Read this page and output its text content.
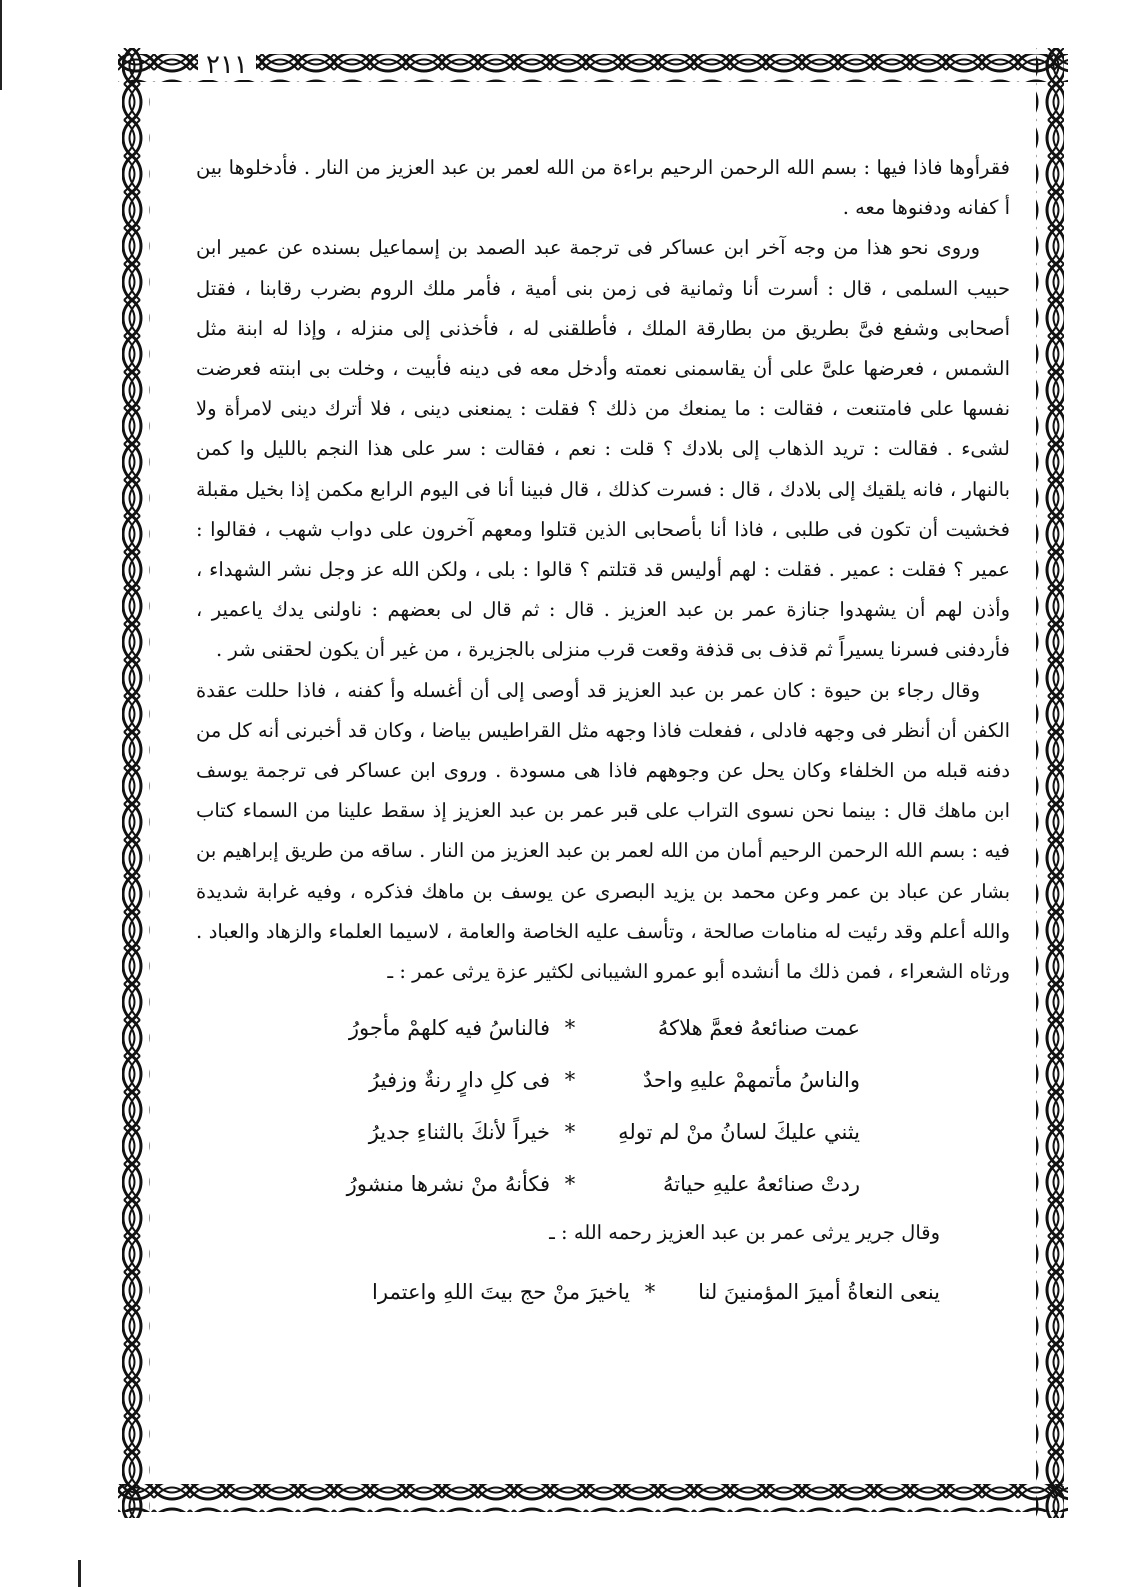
٢١١

فقرأوها فاذا فيها : بسم الله الرحمن الرحيم براءة من الله لعمر بن عبد العزيز من النار . فأدخلوها بين أ كفانه ودفنوها معه .

وروى نحو هذا من وجه آخر ابن عساكر فى ترجمة عبد الصمد بن إسماعيل بسنده عن عمير ابن حبيب السلمى ، قال : أسرت أنا وثمانية فى زمن بنى أمية ، فأمر ملك الروم بضرب رقابنا ، فقتل أصحابى وشفع فىَّ بطريق من بطارقة الملك ، فأطلقنى له ، فأخذنى إلى منزله ، وإذا له ابنة مثل الشمس ، فعرضها علىَّ على أن يقاسمنى نعمته وأدخل معه فى دينه فأبيت ، وخلت بى ابنته فعرضت نفسها على فامتنعت ، فقالت : ما يمنعك من ذلك ؟ فقلت : يمنعنى دينى ، فلا أترك دينى لامرأة ولا لشىء . فقالت : تريد الذهاب إلى بلادك ؟ قلت : نعم ، فقالت : سر على هذا النجم بالليل وا كمن بالنهار ، فانه يلقيك إلى بلادك ، قال : فسرت كذلك ، قال فبينا أنا فى اليوم الرابع مكمن إذا بخيل مقبلة فخشيت أن تكون فى طلبى ، فاذا أنا بأصحابى الذين قتلوا ومعهم آخرون على دواب شهب ، فقالوا : عمير ؟ فقلت : عمير . فقلت : لهم أوليس قد قتلتم ؟ قالوا : بلى ، ولكن الله عز وجل نشر الشهداء ، وأذن لهم أن يشهدوا جنازة عمر بن عبد العزيز . قال : ثم قال لى بعضهم : ناولنى يدك ياعمير ، فأردفنى فسرنا يسيراً ثم قذف بى قذفة وقعت قرب منزلى بالجزيرة ، من غير أن يكون لحقنى شر .

وقال رجاء بن حيوة : كان عمر بن عبد العزيز قد أوصى إلى أن أغسله وأ كفنه ، فاذا حللت عقدة الكفن أن أنظر فى وجهه فادلى ، ففعلت فاذا وجهه مثل القراطيس بياضا ، وكان قد أخبرنى أنه كل من دفنه قبله من الخلفاء وكان يحل عن وجوههم فاذا هى مسودة . وروى ابن عساكر فى ترجمة يوسف ابن ماهك قال : بينما نحن نسوى التراب على قبر عمر بن عبد العزيز إذ سقط علينا من السماء كتاب فيه : بسم الله الرحمن الرحيم أمان من الله لعمر بن عبد العزيز من النار . ساقه من طريق إبراهيم بن بشار عن عباد بن عمر وعن محمد بن يزيد البصرى عن يوسف بن ماهك فذكره ، وفيه غرابة شديدة والله أعلم وقد رئيت له منامات صالحة ، وتأسف عليه الخاصة والعامة ، لاسيما العلماء والزهاد والعباد . ورثاه الشعراء ، فمن ذلك ما أنشده أبو عمرو الشيبانى لكثير عزة يرثى عمر : ـ

عمت صنائعهُ فعمَّ هلاكهُ
*
فالناسُ فيه كلهمْ مأجورُ
والناسُ مأتمهمْ عليهِ واحدٌ
*
فى كلِ دارٍ رنةٌ وزفيرُ
يثني عليكَ لسانُ منْ لم تولهِ
*
خيراً لأنكَ بالثناءِ جديرُ
ردتْ صنائعهُ عليهِ حياتهُ
*
فكأنهُ منْ نشرها منشورُ

وقال جرير يرثى عمر بن عبد العزيز رحمه الله : ـ

ينعى النعاةُ أميرَ المؤمنينَ لنا
*
ياخيرَ منْ حج بيتَ اللهِ واعتمرا
